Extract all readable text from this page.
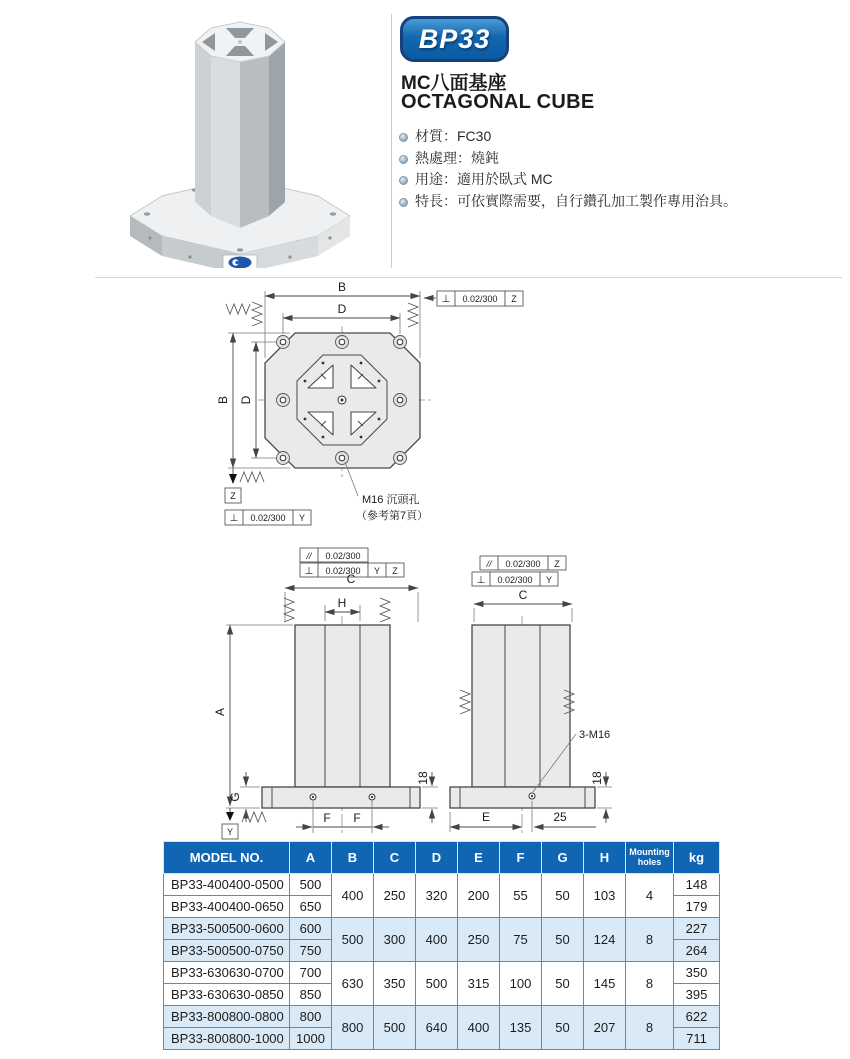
BP33
MC八面基座
OCTAGONAL CUBE
材質：FC30
熱處理：燒鈍
用途：適用於臥式 MC
特長：可依實際需要，自行鑽孔加工製作專用治具。
B
D
B D
⊥ 0.02/300 Z
Z
⊥ 0.02/300 Y
M16 沉頭孔
（參考第7頁）
// 0.02/300
⊥ 0.02/300 Y Z
C
H
A
G
Y
F F
18
// 0.02/300 Z
⊥ 0.02/300 Y
C
3-M16
E	25
18
MODEL NO.	A	B	C	D	E	F	G	H	Mounting holes	kg
BP33-400400-0500	500	400	250	320	200	55	50	103	4	148
BP33-400400-0650	650									179
BP33-500500-0600	600	500	300	400	250	75	50	124	8	227
BP33-500500-0750	750									264
BP33-630630-0700	700	630	350	500	315	100	50	145	8	350
BP33-630630-0850	850									395
BP33-800800-0800	800	800	500	640	400	135	50	207	8	622
BP33-800800-1000	1000									711
